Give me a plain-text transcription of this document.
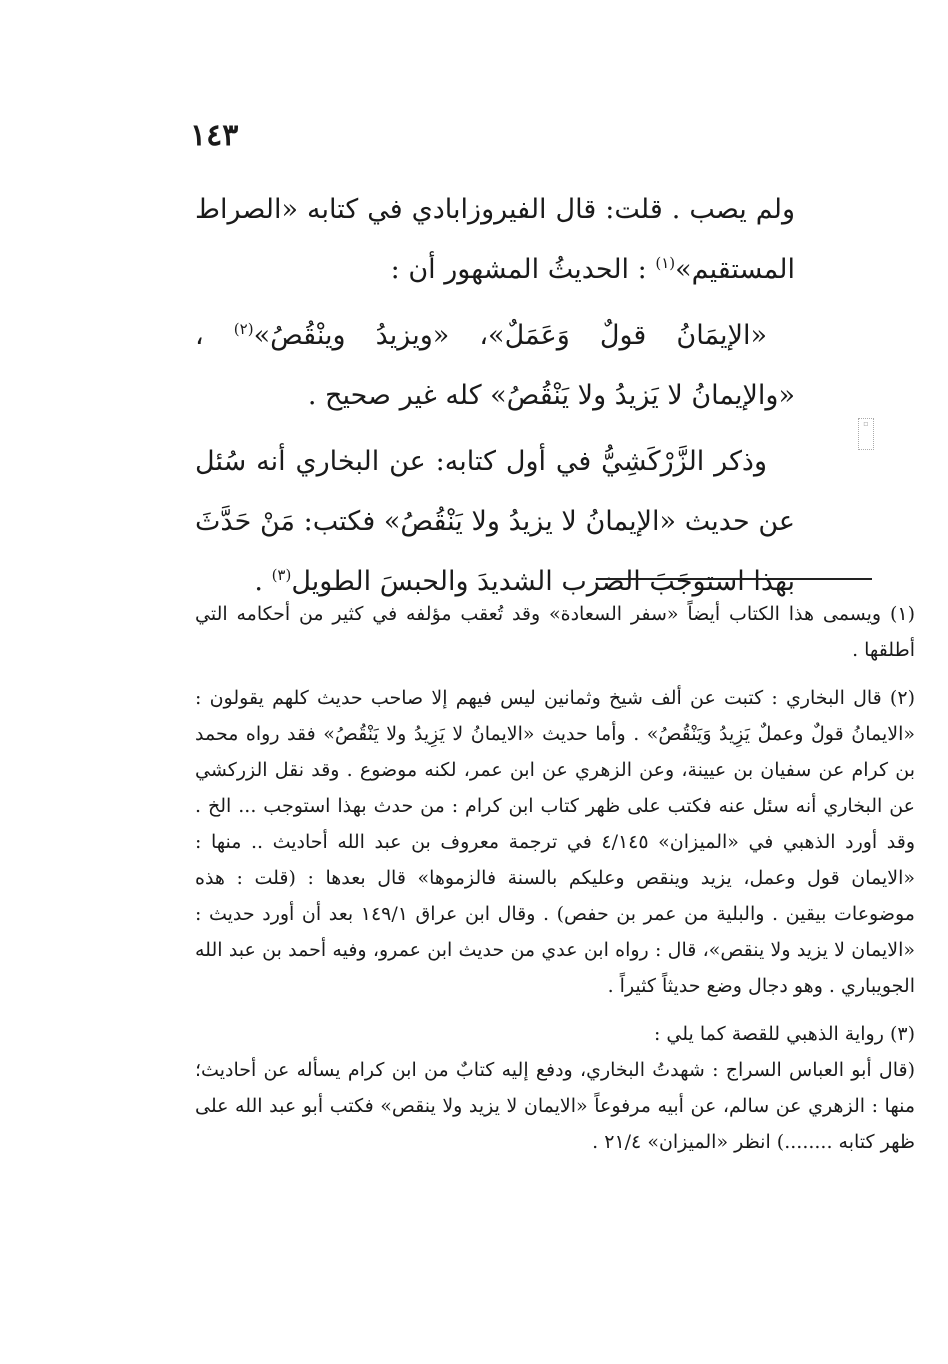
١٤٣
▫

ولم يصب . قلت: قال الفيروزابادي في كتابه «الصراط المستقيم»$^{(١)}$ : الحديثُ المشهور أن :

«الإيمَانُ قولٌ وَعَمَلٌ»، «ويزيدُ وينْقُصُ»$^{(٢)}$ ، «والإيمانُ لا يَزيدُ ولا يَنْقُصُ» كله غير صحيح .

وذكر الزَّرْكَشِيُّ في أول كتابه: عن البخاري أنه سُئل عن حديث «الإيمانُ لا يزيدُ ولا يَنْقُصُ» فكتب: مَنْ حَدَّثَ بهذا استوجَبَ الضرب الشديدَ والحبسَ الطويل$^{(٣)}$ .

(١) ويسمى هذا الكتاب أيضاً «سفر السعادة» وقد تُعقب مؤلفه في كثير من أحكامه التي أطلقها .

(٢) قال البخاري : كتبت عن ألف شيخ وثمانين ليس فيهم إلا صاحب حديث كلهم يقولون : «الايمانُ قولٌ وعملٌ يَزِيدُ وَيَنْقُصُ» . وأما حديث «الايمانُ لا يَزِيدُ ولا يَنْقُصُ» فقد رواه محمد بن كرام عن سفيان بن عيينة، وعن الزهري عن ابن عمر، لكنه موضوع . وقد نقل الزركشي عن البخاري أنه سئل عنه فكتب على ظهر كتاب ابن كرام : من حدث بهذا استوجب ... الخ . وقد أورد الذهبي في «الميزان» ٤/١٤٥ في ترجمة معروف بن عبد الله أحاديث .. منها : «الايمان قول وعمل، يزيد وينقص وعليكم بالسنة فالزموها» قال بعدها : (قلت : هذه موضوعات بيقين . والبلية من عمر بن حفص) . وقال ابن عراق ١٤٩/١ بعد أن أورد حديث : «الايمان لا يزيد ولا ينقص»، قال : رواه ابن عدي من حديث ابن عمرو، وفيه أحمد بن عبد الله الجويباري . وهو دجال وضع حديثاً كثيراً .

(٣) رواية الذهبي للقصة كما يلي :

(قال أبو العباس السراج : شهدتُ البخاري، ودفع إليه كتابٌ من ابن كرام يسأله عن أحاديث؛ منها : الزهري عن سالم، عن أبيه مرفوعاً «الايمان لا يزيد ولا ينقص» فكتب أبو عبد الله على ظهر كتابه ........) انظر «الميزان» ٢١/٤ .
